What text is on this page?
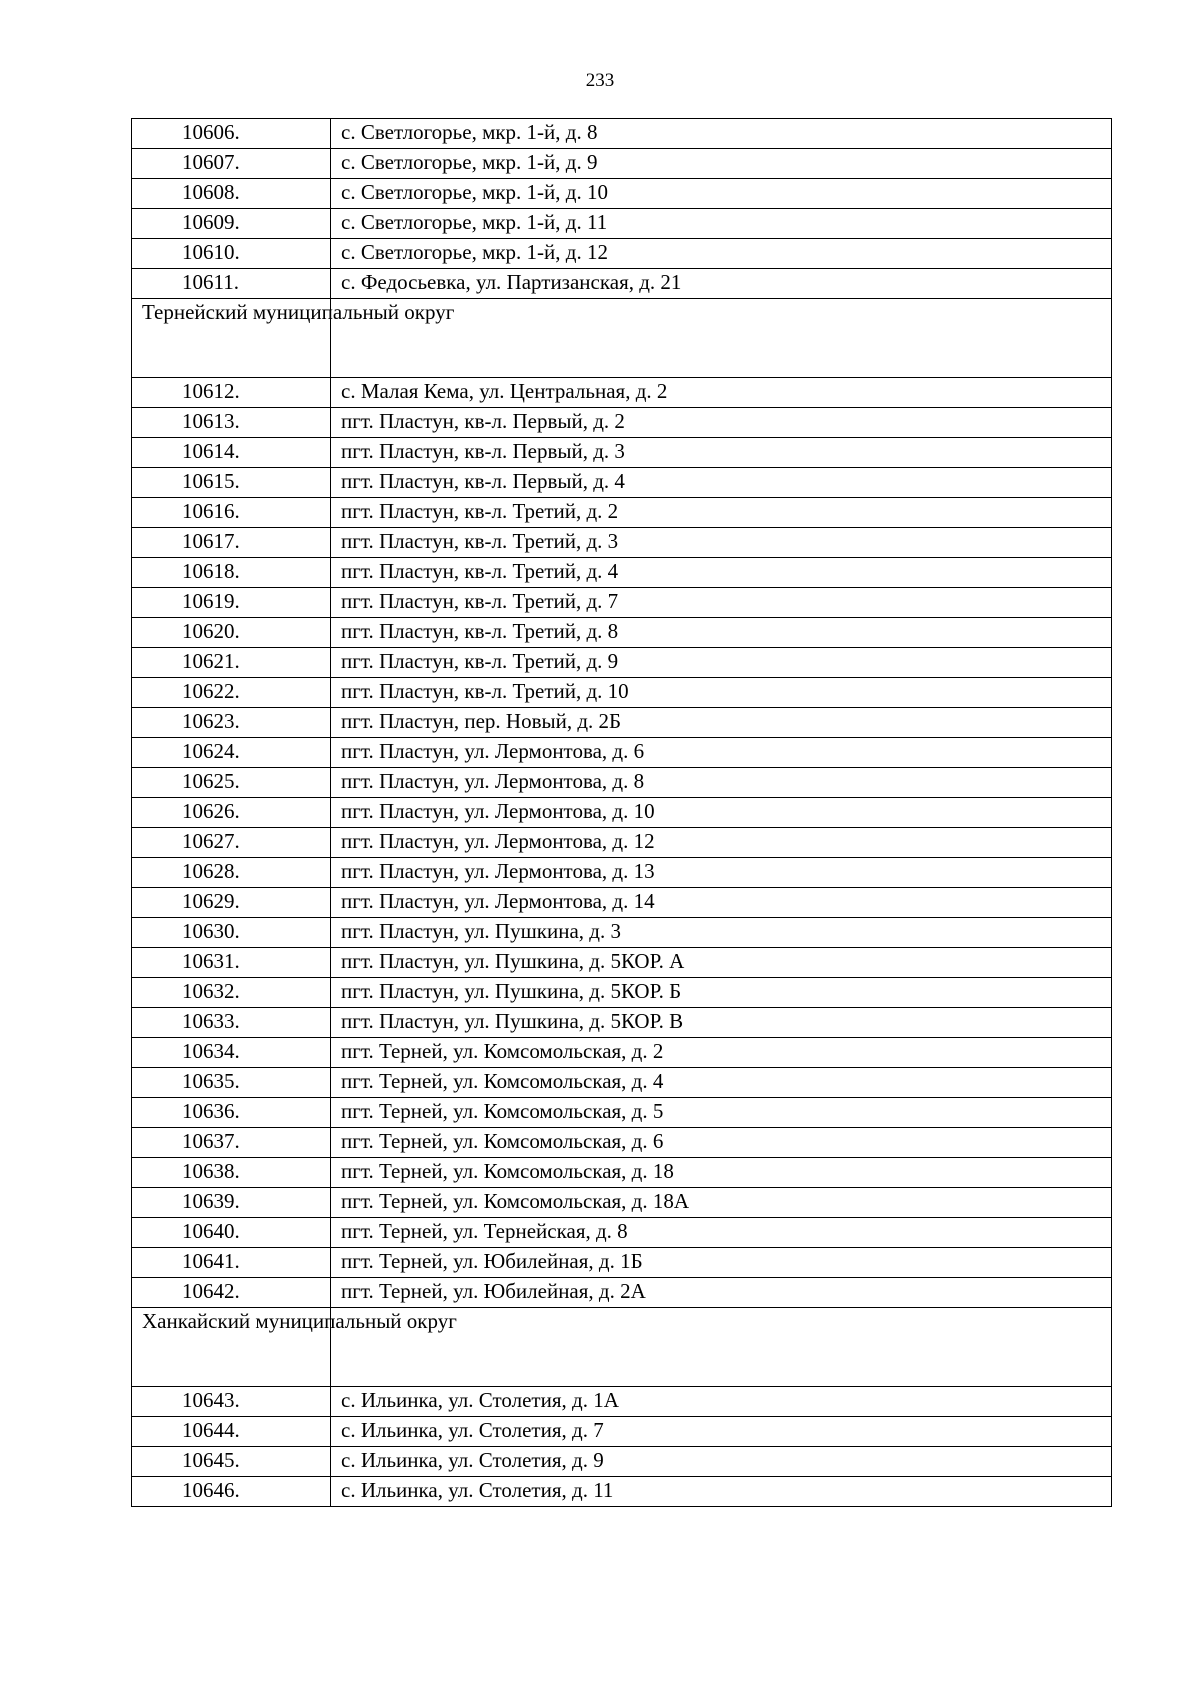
233
10606.	с. Светлогорье, мкр. 1-й, д. 8
10607.	с. Светлогорье, мкр. 1-й, д. 9
10608.	с. Светлогорье, мкр. 1-й, д. 10
10609.	с. Светлогорье, мкр. 1-й, д. 11
10610.	с. Светлогорье, мкр. 1-й, д. 12
10611.	с. Федосьевка, ул. Партизанская, д. 21
Тернейский муниципальный округ	
10612.	с. Малая Кема, ул. Центральная, д. 2
10613.	пгт. Пластун, кв-л. Первый, д. 2
10614.	пгт. Пластун, кв-л. Первый, д. 3
10615.	пгт. Пластун, кв-л. Первый, д. 4
10616.	пгт. Пластун, кв-л. Третий, д. 2
10617.	пгт. Пластун, кв-л. Третий, д. 3
10618.	пгт. Пластун, кв-л. Третий, д. 4
10619.	пгт. Пластун, кв-л. Третий, д. 7
10620.	пгт. Пластун, кв-л. Третий, д. 8
10621.	пгт. Пластун, кв-л. Третий, д. 9
10622.	пгт. Пластун, кв-л. Третий, д. 10
10623.	пгт. Пластун, пер. Новый, д. 2Б
10624.	пгт. Пластун, ул. Лермонтова, д. 6
10625.	пгт. Пластун, ул. Лермонтова, д. 8
10626.	пгт. Пластун, ул. Лермонтова, д. 10
10627.	пгт. Пластун, ул. Лермонтова, д. 12
10628.	пгт. Пластун, ул. Лермонтова, д. 13
10629.	пгт. Пластун, ул. Лермонтова, д. 14
10630.	пгт. Пластун, ул. Пушкина, д. 3
10631.	пгт. Пластун, ул. Пушкина, д. 5КОР. А
10632.	пгт. Пластун, ул. Пушкина, д. 5КОР. Б
10633.	пгт. Пластун, ул. Пушкина, д. 5КОР. В
10634.	пгт. Терней, ул. Комсомольская, д. 2
10635.	пгт. Терней, ул. Комсомольская, д. 4
10636.	пгт. Терней, ул. Комсомольская, д. 5
10637.	пгт. Терней, ул. Комсомольская, д. 6
10638.	пгт. Терней, ул. Комсомольская, д. 18
10639.	пгт. Терней, ул. Комсомольская, д. 18А
10640.	пгт. Терней, ул. Тернейская, д. 8
10641.	пгт. Терней, ул. Юбилейная, д. 1Б
10642.	пгт. Терней, ул. Юбилейная, д. 2А
Ханкайский муниципальный округ	
10643.	с. Ильинка, ул. Столетия, д. 1А
10644.	с. Ильинка, ул. Столетия, д. 7
10645.	с. Ильинка, ул. Столетия, д. 9
10646.	с. Ильинка, ул. Столетия, д. 11
